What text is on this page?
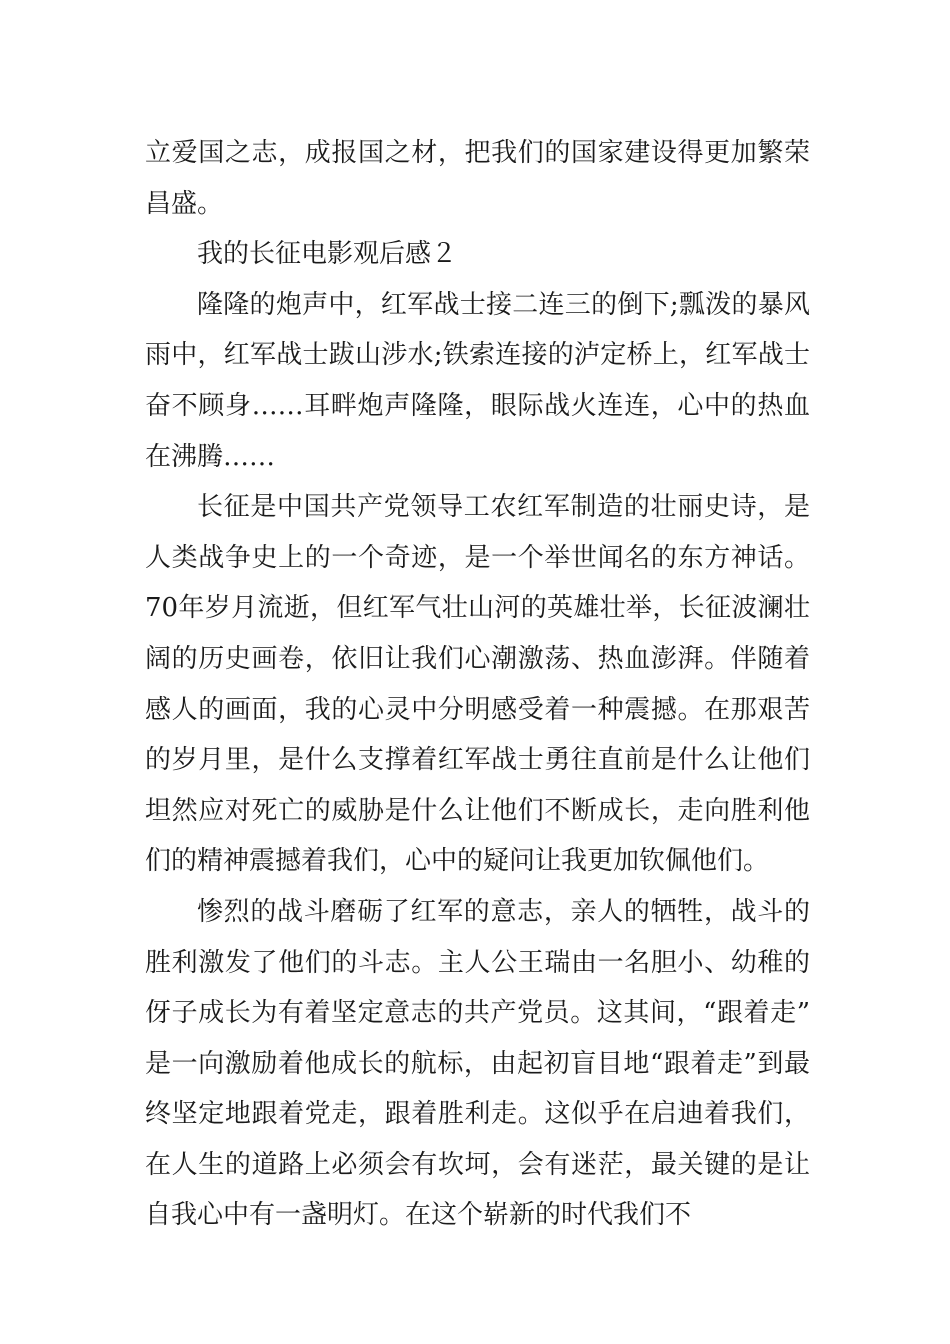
立爱国之志，成报国之材，把我们的国家建设得更加繁荣昌盛。

我的长征电影观后感２

隆隆的炮声中，红军战士接二连三的倒下;瓢泼的暴风雨中，红军战士跋山涉水;铁索连接的泸定桥上，红军战士奋不顾身……耳畔炮声隆隆，眼际战火连连，心中的热血在沸腾……

长征是中国共产党领导工农红军制造的壮丽史诗，是人类战争史上的一个奇迹，是一个举世闻名的东方神话。70年岁月流逝，但红军气壮山河的英雄壮举，长征波澜壮阔的历史画卷，依旧让我们心潮激荡、热血澎湃。伴随着感人的画面，我的心灵中分明感受着一种震撼。在那艰苦的岁月里，是什么支撑着红军战士勇往直前是什么让他们坦然应对死亡的威胁是什么让他们不断成长，走向胜利他们的精神震撼着我们，心中的疑问让我更加钦佩他们。

惨烈的战斗磨砺了红军的意志，亲人的牺牲，战斗的胜利激发了他们的斗志。主人公王瑞由一名胆小、幼稚的伢子成长为有着坚定意志的共产党员。这其间，“跟着走”是一向激励着他成长的航标，由起初盲目地“跟着走”到最终坚定地跟着党走，跟着胜利走。这似乎在启迪着我们，在人生的道路上必须会有坎坷，会有迷茫，最关键的是让自我心中有一盏明灯。在这个崭新的时代我们不
